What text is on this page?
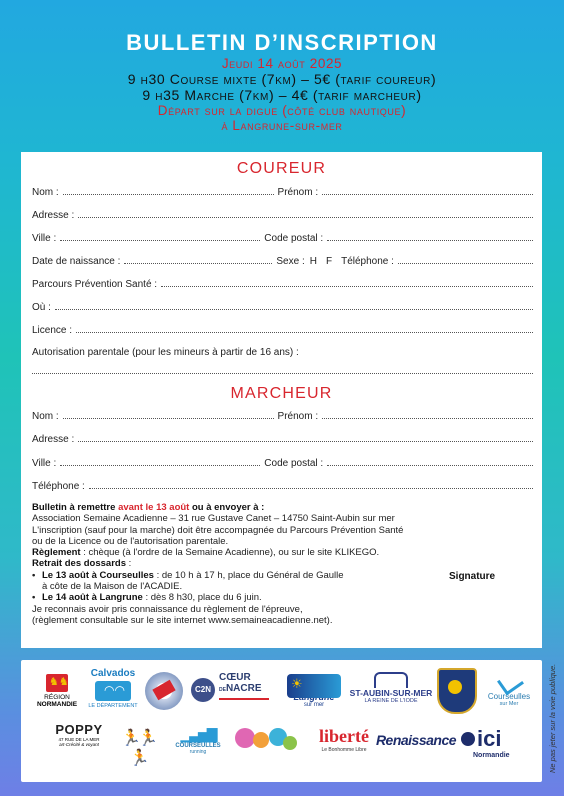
BULLETIN D’INSCRIPTION
Jeudi 14 août 2025
9 h30 Course mixte (7km) – 5€ (tarif coureur)
9 h35 Marche (7km) – 4€ (tarif marcheur)
Départ sur la digue (côté club nautique)
à Langrune-sur-mer
COUREUR
Nom :	Prénom :
Adresse :
Ville :	Code postal :
Date de naissance :	Sexe : H F Téléphone :
Parcours Prévention Santé :
Où :
Licence :
Autorisation parentale (pour les mineurs à partir de 16 ans) :
MARCHEUR
Nom :	Prénom :
Adresse :
Ville :	Code postal :
Téléphone :
Bulletin à remettre avant le 13 août ou à envoyer à :
Association Semaine Acadienne – 31 rue Gustave Canet – 14750 Saint-Aubin sur mer
L'inscription (sauf pour la marche) doit être accompagnée du Parcours Prévention Santé
ou de la Licence ou de l'autorisation parentale.
Règlement : chèque (à l'ordre de la Semaine Acadienne), ou sur le site KLIKEGO.
Retrait des dossards :
• Le 13 août à Courseulles : de 10 h à 17 h, place du Général de Gaulle
à côte de la Maison de l'ACADIE.
• Le 14 août à Langrune : dès 8 h30, place du 6 juin.
Je reconnais avoir pris connaissance du règlement de l'épreuve,
(règlement consultable sur le site internet www.semaineacadienne.net).
Signature
♞♞
RÉGION
NORMANDIE
Calvados
◠◠
LE DÉPARTEMENT
C2N
CŒUR
DENACRE	☀
sur mer
ST-AUBIN-SUR-MER
LA REINE DE L'IODE	Courseulles
sur Mer
POPPY
47 RUE DE LA MER
art-Crécité & voyant	🏃🏃🏃
▁▃▅▇
COURSEULLES
running
liberté
Le Bonhomme Libre
Renaissance ici
Normandie	Ne pas jeter sur la voie publique.
